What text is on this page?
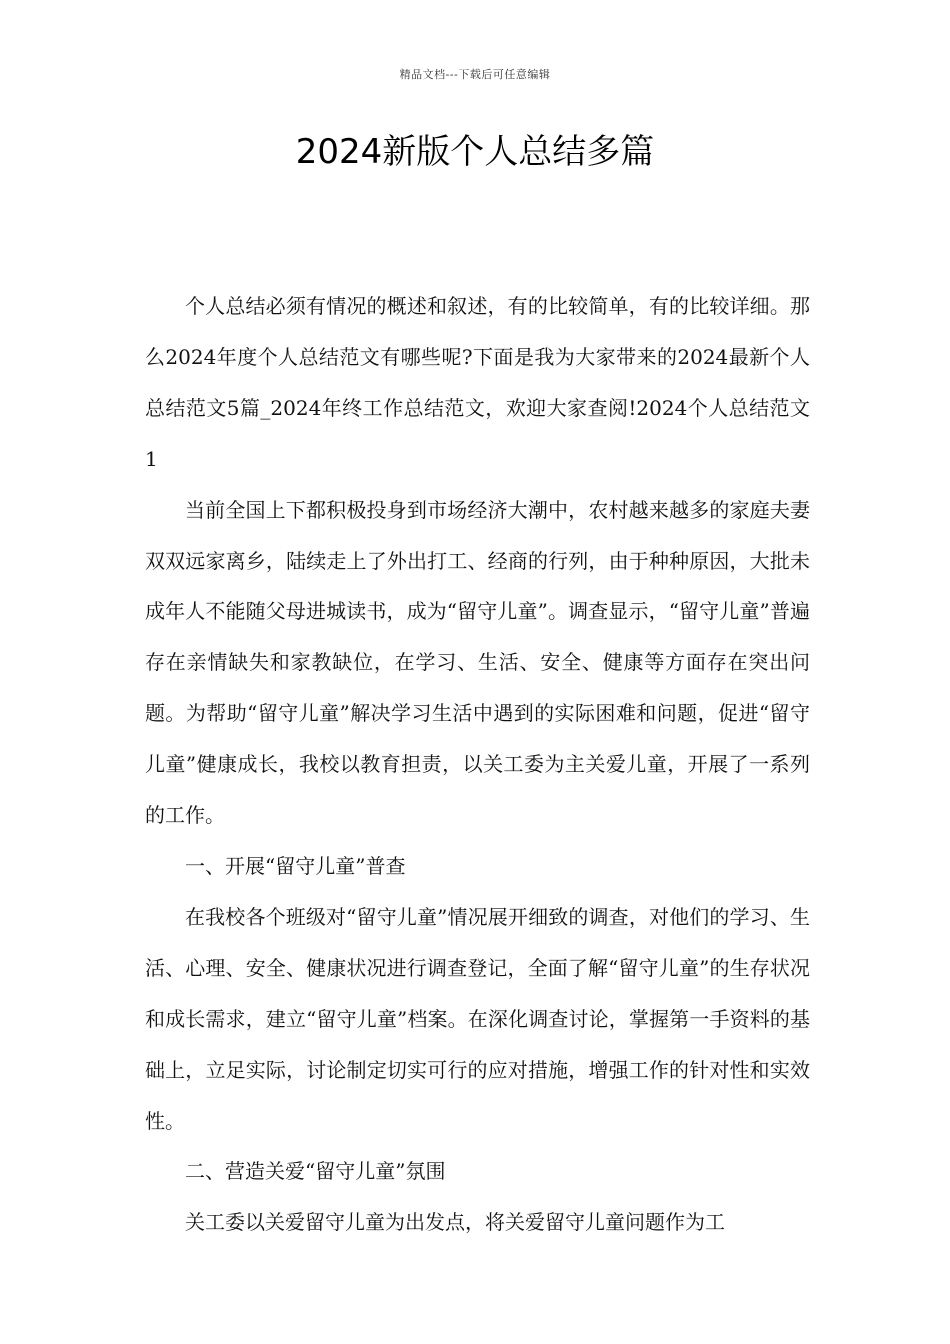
精品文档---下载后可任意编辑
2024新版个人总结多篇

个人总结必须有情况的概述和叙述，有的比较简单，有的比较详细。那么2024年度个人总结范文有哪些呢?下面是我为大家带来的2024最新个人总结范文5篇_2024年终工作总结范文，欢迎大家查阅!2024个人总结范文1

当前全国上下都积极投身到市场经济大潮中，农村越来越多的家庭夫妻双双远家离乡，陆续走上了外出打工、经商的行列，由于种种原因，大批未成年人不能随父母进城读书，成为“留守儿童”。调查显示，“留守儿童”普遍存在亲情缺失和家教缺位，在学习、生活、安全、健康等方面存在突出问题。为帮助“留守儿童”解决学习生活中遇到的实际困难和问题，促进“留守儿童”健康成长，我校以教育担责，以关工委为主关爱儿童，开展了一系列的工作。

一、开展“留守儿童”普查

在我校各个班级对“留守儿童”情况展开细致的调查，对他们的学习、生活、心理、安全、健康状况进行调查登记，全面了解“留守儿童”的生存状况和成长需求，建立“留守儿童”档案。在深化调查讨论，掌握第一手资料的基础上，立足实际，讨论制定切实可行的应对措施，增强工作的针对性和实效性。

二、营造关爱“留守儿童”氛围

关工委以关爱留守儿童为出发点，将关爱留守儿童问题作为工
